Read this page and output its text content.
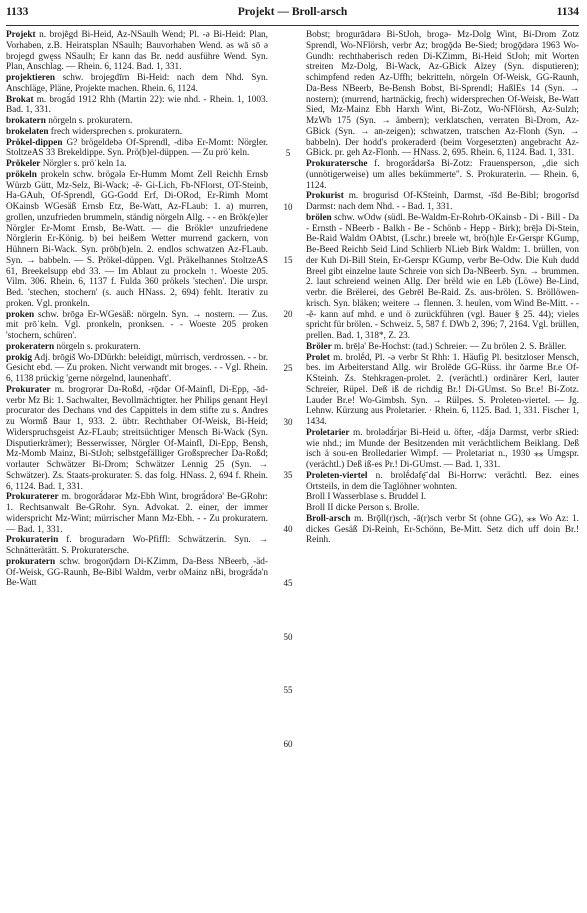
1133	Projekt — Broll-arsch	1134

Projekt n. brojḗgd Bi-Heid, Az-NSaulh Wend; Pl. -ə Bi-Heid: Plan, Vorhaben, z.B. Heiratsplan NSaulh; Bauvorhaben Wend. əs wā sō ə brojegd gwęss NSaulh; Er kann das Br. nedd ausführe Wend. Syn. Plan, Anschlag. — Rhein. 6, 1124. Bad. 1, 331.

projektieren schw. brojegdīrn Bi-Heid: nach dem Nhd. Syn. Anschläge, Pläne, Projekte machen. Rhein. 6, 1124.

Brokat m. brogā́d 1912 Rhh (Martin 22): wie nhd. - Rhein. 1, 1003. Bad. 1, 331.

brokatern nörgeln s. prokuratern.

brokelaten frech widersprechen s. prokuratern.

Prökel-dippen G? brögeldebə Of-Sprendl, -dibə Er-Momt: Nörgler. StoltzeAS 33 Brekeldippe. Syn. Prö(b)el-düppen. — Zu pröˈkeln.

Prökeler Nörgler s. pröˈkeln 1a.

prökeln prokeln schw. brögələ Er-Humm Momt Zell Reichh Ernsb Würzb Gütt, Mz-Selz, Bi-Wack; -ẽ- Gi-Lich, Fb-NFlorst, OT-Steinb, Ha-GAuh, Of-Sprendl, GG-Godd Erf, Di-ORod, Er-Rimh Momt OKainsb WGesäß Ernsb Etz, Be-Watt, Az-FLaub: 1. a) murren, grollen, unzufrieden brummeln, ständig nörgeln Allg. - - en Brök(e)ler Nörgler Er-Momt Ernsb, Be-Watt. — die Brökleⁿ unzufriedene Nörglerin Er-König. b) bei heißem Wetter murrend gackern, von Hühnern Bi-Wack. Syn. prōb(b)eln. 2. endlos schwatzen Az-FLaub. Syn. → babbeln. — S. Prökel-düppen. Vgl. Präkelhannes StoltzeAS 61, Breekelsupp ebd 33. — Im Ablaut zu prockeln ↑. Woeste 205. Vilm. 306. Rhein. 6, 1137 f. Fulda 360 prökels 'stechen'. Die urspr. Bed. 'stechen, stochern' (s. auch HNass. 2, 694) fehlt. Iterativ zu proken. Vgl. pronkeln.

proken schw. brōgə Er-WGesäß: nörgeln. Syn. → nostern. — Zus. mit prōˈkeln. Vgl. pronkeln, pronksen. - - Woeste 205 proken 'stochern, schüren'.

prokeratern nörgeln s. prokuratern.

prokig Adj. brōgiš Wo-DDürkh: beleidigt, mürrisch, verdrossen. - - br. Gesicht ebd. — Zu proken. Nicht verwandt mit broges. - - Vgl. Rhein. 6, 1138 prückig 'gerne nörgelnd, launenhaft'.

Prokurater m. brogrọrər Da-Roßd, -rǭdər Of-Mainfl, Di-Epp, -ād- verbr Mz Bi: 1. Sachwalter, Bevollmächtigter. her Philips genant Heyl procurator des Dechans vnd des Cappittels in dem stifte zu s. Andres zu Wormß Baur 1, 933. 2. übtr. Rechthaber Of-Weisk, Bi-Heid; Widerspruchsgeist Az-FLaub; streitsüchtiger Mensch Bi-Wack (Syn. Disputierkrämer); Besserwisser, Nörgler Of-Mainfl, Di-Epp, Bensh, Mz-Momb Mainz, Bi-StJoh; selbstgefälliger Großsprecher Da-Roßd; vorlauter Schwätzer Bi-Drom; Schwätzer Lennig 25 (Syn. → Schwätzer). Zs. Staats-prokurater. S. das folg. HNass. 2, 694 f. Rhein. 6, 1124. Bad. 1, 331.

Prokuraterer m. brogorā́dərər Mz-Ebh Wint, brogrā́dorə' Be-GRohr: 1. Rechtsanwalt Be-GRohr. Syn. Advokat. 2. einer, der immer widerspricht Mz-Wint; mürrischer Mann Mz-Ebh. - - Zu prokuratern. — Bad. 1, 331.

Prokuraterin f. broguradərn Wo-Pfiffl: Schwätzerin. Syn. → Schnätterätätt. S. Prokuratersche.

prokuratern schw. brogorǭdərn Di-KZimm, Da-Bess NBeerb, -äd- Of-Weisk, GG-Raunh, Be-Bibl Waldm, verbr oMainz nBi, brogrā́də'n Be-Watt

5
10
15
20
25
30
35
40
45
50
55
60

Bobst; brogurā́dərə Bi-StJoh, brogə- Mz-Dolg Wint, Bi-Drom Zotz Sprendl, Wo-NFlörsh, verbr Az; brogǭdə Be-Sied; brogǭdərə 1963 Wo-Gundh: rechthaberisch reden Di-KZimm, Bi-Heid StJoh; mit Worten streiten Mz-Dolg, Bi-Wack, Az-GBick Alzey (Syn. disputieren); schimpfend reden Az-Uffh; bekritteln, nörgeln Of-Weisk, GG-Raunh, Da-Bess NBeerb, Be-Bensh Bobst, Bi-Sprendl; HaßlEs 14 (Syn. → nostern); (murrend, hartnäckig, frech) widersprechen Of-Weisk, Be-Watt Sied, Mz-Mainz Ebh Harxh Wint, Bi-Zotz, Wo-NFlörsh, Az-Sulzh; MzWb 175 (Syn. → ämbern); verklatschen, verraten Bi-Drom, Az-GBick (Syn. → an-zeigen); schwatzen, tratschen Az-Flonh (Syn. → babbeln). Der hodd's prokeraderd (beim Vorgesetzten) angebracht Az-GBick. pr. geh Az-Flonh. — HNass. 2, 695. Rhein. 6, 1124. Bad. 1, 331.

Prokuratersche f. brogorā́dəršə Bi-Zotz: Frauensperson, „die sich (unnötigerweise) um alles bekümmerte". S. Prokuraterin. — Rhein. 6, 1124.

Prokurist m. brogurisd Of-KSteinh, Darmst, -īšd Be-Bibl; brogorīsd Darmst: nach dem Nhd. - - Bad. 1, 331.

brölen schw. wOdw (südl. Be-Waldm-Er-Rohrb-OKainsb - Di - Bill - Da - Ernsth - NBeerb - Balkh - Be - Schönb - Hepp - Birk); brē̤lə Di-Stein, Be-Raid Waldm OAbtst, (Lschr.) breele wt, brö(h)le Er-Gerspr KGump, Be-Beed Reichb Seid Lind Schlierb NLieb Birk Waldm: 1. brüllen, von der Kuh Di-Bill Stein, Er-Gerspr KGump, verbr Be-Odw. Die Kuh dudd Breel gibt einzelne laute Schreie von sich Da-NBeerb. Syn. → brummen. 2. laut schreiend weinen Allg. Der brëld wie en Lēb (Löwe) Be-Lind, verbr. die Brëlerei, des Gebrēl Be-Raid. Zs. aus-brölen. S. Bröllöwen-krisch. Syn. bläken; weitere → flennen. 3. heulen, vom Wind Be-Mitt. - - -ẽ- kann auf mhd. e und ö zurückführen (vgl. Bauer § 25. 44); vieles spricht für brölen. - Schweiz. 5, 587 f. DWb 2, 396; 7, 2164. Vgl. brüllen, prellen. Bad. 1, 318*, Z. 23.

Bröler m. brē̤lə' Be-Hochst: (tad.) Schreier. — Zu brölen 2. S. Bräller.

Prolet m. brolḗd, Pl. -ə verbr St Rhh: 1. Häufig Pl. besitzloser Mensch, bes. im Arbeiterstand Allg. wir Brolēde GG-Rüss. ihr ǒarme Br.e Of-KSteinh. Zs. Stehkragen-prolet. 2. (verächtl.) ordinärer Kerl, lauter Schreier, Rüpel. Deß iß de richdig Br.! Di-GUmst. So Br.e! Bi-Zotz. Lauder Br.e! Wo-Gimbsh. Syn. → Rülpes. S. Proleten-viertel. — Jg. Lehnw. Kürzung aus Proletarier. · Rhein. 6, 1125. Bad. 1, 331. Fischer 1, 1434.

Proletarier m. brolədā́rjər Bi-Heid u. öfter, -dā́jə Darmst, verbr sRied: wie nhd.; im Munde der Besitzenden mit verächtlichem Beiklang. Deß isch ä sou-en Brolledarier Wimpf. — Proletariat n., 1930 ⁎⁎ Umgspr. (verächtl.) Deß iß-es Pr.! Di-GUmst. — Bad. 1, 331.

Proleten-viertel n. brolḗdəfę̄ˈdəl Bi-Horrw: verächtl. Bez. eines Ortsteils, in dem die Taglöhner wohnten.

Broll I Wasserblase s. Bruddel I.

Broll II dicke Person s. Brolle.

Broll-arsch m. Brǭll(r)sch, -ā(r)sch verbr St (ohne GG), ⁎⁎ Wo Az: 1. dickes Gesäß Di-Reinh, Er-Schönn, Be-Mitt. Setz dich uff doin Br.! Reinh.
